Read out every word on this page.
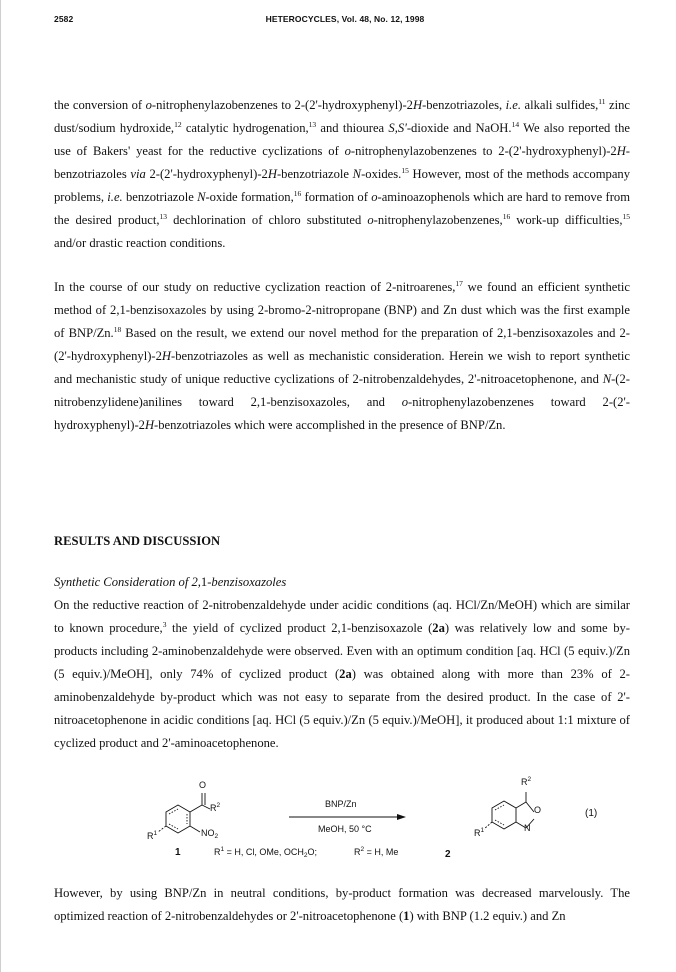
2582	HETEROCYCLES, Vol. 48, No. 12, 1998

the conversion of o-nitrophenylazobenzenes to 2-(2'-hydroxyphenyl)-2H-benzotriazoles, i.e. alkali sulfides,$^{11}$ zinc dust/sodium hydroxide,$^{12}$ catalytic hydrogenation,$^{13}$ and thiourea S,S'-dioxide and NaOH.$^{14}$ We also reported the use of Bakers' yeast for the reductive cyclizations of o-nitrophenylazobenzenes to 2-(2'-hydroxyphenyl)-2H-benzotriazoles via 2-(2'-hydroxyphenyl)-2H-benzotriazole N-oxides.$^{15}$ However, most of the methods accompany problems, i.e. benzotriazole N-oxide formation,$^{16}$ formation of o-aminoazophenols which are hard to remove from the desired product,$^{13}$ dechlorination of chloro substituted o-nitrophenylazobenzenes,$^{16}$ work-up difficulties,$^{15}$ and/or drastic reaction conditions.

In the course of our study on reductive cyclization reaction of 2-nitroarenes,$^{17}$ we found an efficient synthetic method of 2,1-benzisoxazoles by using 2-bromo-2-nitropropane (BNP) and Zn dust which was the first example of BNP/Zn.$^{18}$ Based on the result, we extend our novel method for the preparation of 2,1-benzisoxazoles and 2-(2'-hydroxyphenyl)-2H-benzotriazoles as well as mechanistic consideration. Herein we wish to report synthetic and mechanistic study of unique reductive cyclizations of 2-nitrobenzaldehydes, 2'-nitroacetophenone, and N-(2-nitrobenzylidene)anilines toward 2,1-benzisoxazoles, and o-nitrophenylazobenzenes toward 2-(2'-hydroxyphenyl)-2H-benzotriazoles which were accomplished in the presence of BNP/Zn.

RESULTS AND DISCUSSION
Synthetic Consideration of 2,1-benzisoxazoles

On the reductive reaction of 2-nitrobenzaldehyde under acidic conditions (aq. HCl/Zn/MeOH) which are similar to known procedure,$^3$ the yield of cyclized product 2,1-benzisoxazole (2a) was relatively low and some by-products including 2-aminobenzaldehyde were observed. Even with an optimum condition [aq. HCl (5 equiv.)/Zn (5 equiv.)/MeOH], only 74% of cyclized product (2a) was obtained along with more than 23% of 2-aminobenzaldehyde by-product which was not easy to separate from the desired product. In the case of 2'-nitroacetophenone in acidic conditions [aq. HCl (5 equiv.)/Zn (5 equiv.)/MeOH], it produced about 1:1 mixture of cyclized product and 2'-aminoacetophenone.

O
$R^2$
$NO_2$
$R^1$
BNP/Zn
MeOH, 50 °C
$R^2$
O
N
$R^1$
(1)
1	$R^1 = H$, Cl, OMe, $OCH_2O$;	$R^2 = H$, Me	2

However, by using BNP/Zn in neutral conditions, by-product formation was decreased marvelously. The optimized reaction of 2-nitrobenzaldehydes or 2'-nitroacetophenone (1) with BNP (1.2 equiv.) and Zn
